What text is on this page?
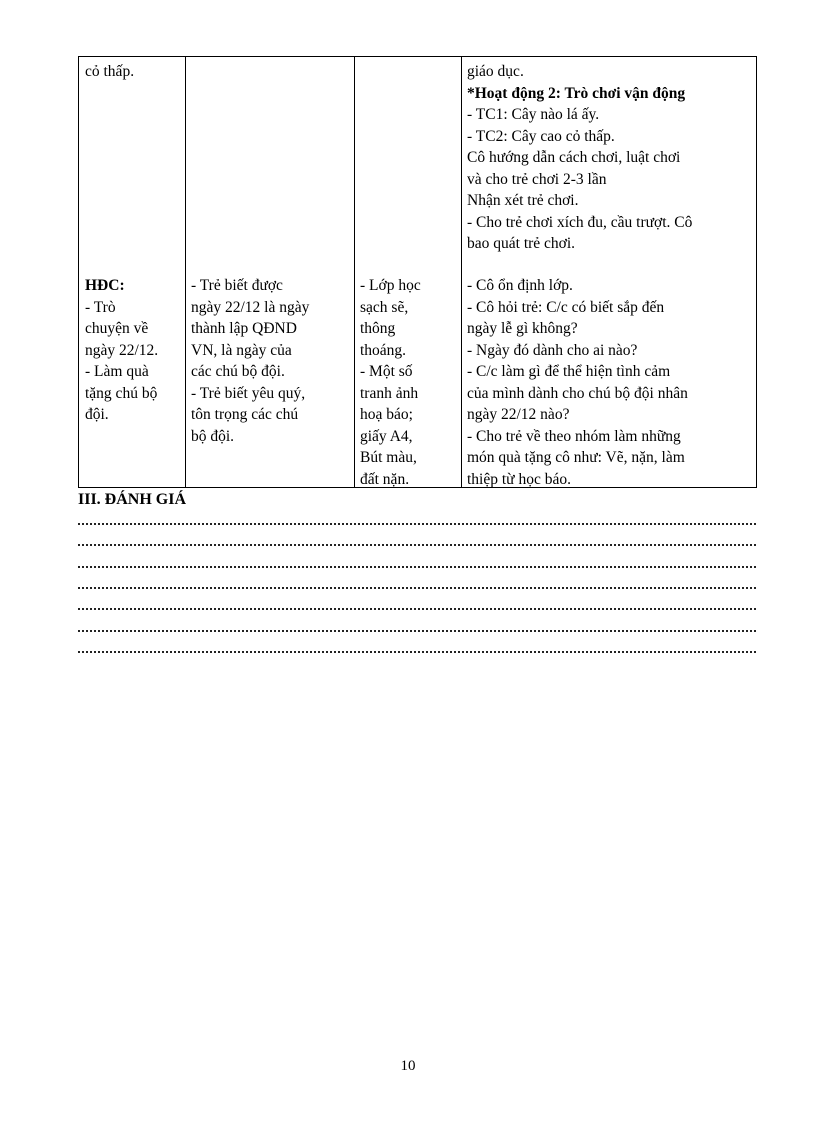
cỏ thấp.
HĐC:
- Trò
chuyện về
ngày 22/12.
- Làm quà
tặng chú bộ
đội.
- Trẻ biết được
ngày 22/12 là ngày
thành lập QĐND
VN, là ngày của
các chú bộ đội.
- Trẻ biết yêu quý,
tôn trọng các chú
bộ đội.
- Lớp học
sạch sẽ,
thông
thoáng.
- Một số
tranh ảnh
hoạ báo;
giấy A4,
Bút màu,
đất nặn.
giáo dục.
*Hoạt động 2: Trò chơi vận động
- TC1: Cây nào lá ấy.
- TC2: Cây cao cỏ thấp.
Cô hướng dẫn cách chơi, luật chơi
và cho trẻ chơi 2-3 lần
Nhận xét trẻ chơi.
- Cho trẻ chơi xích đu, cầu trượt. Cô
bao quát trẻ chơi.
- Cô ổn định lớp.
- Cô hỏi trẻ: C/c có biết sắp đến
ngày lễ gì không?
- Ngày đó dành cho ai nào?
- C/c làm gì để thể hiện tình cảm
của mình dành cho chú bộ đội nhân
ngày 22/12 nào?
- Cho trẻ về theo nhóm làm những
món quà tặng cô như: Vẽ, nặn, làm
thiệp từ học báo.
III. ĐÁNH GIÁ
10
